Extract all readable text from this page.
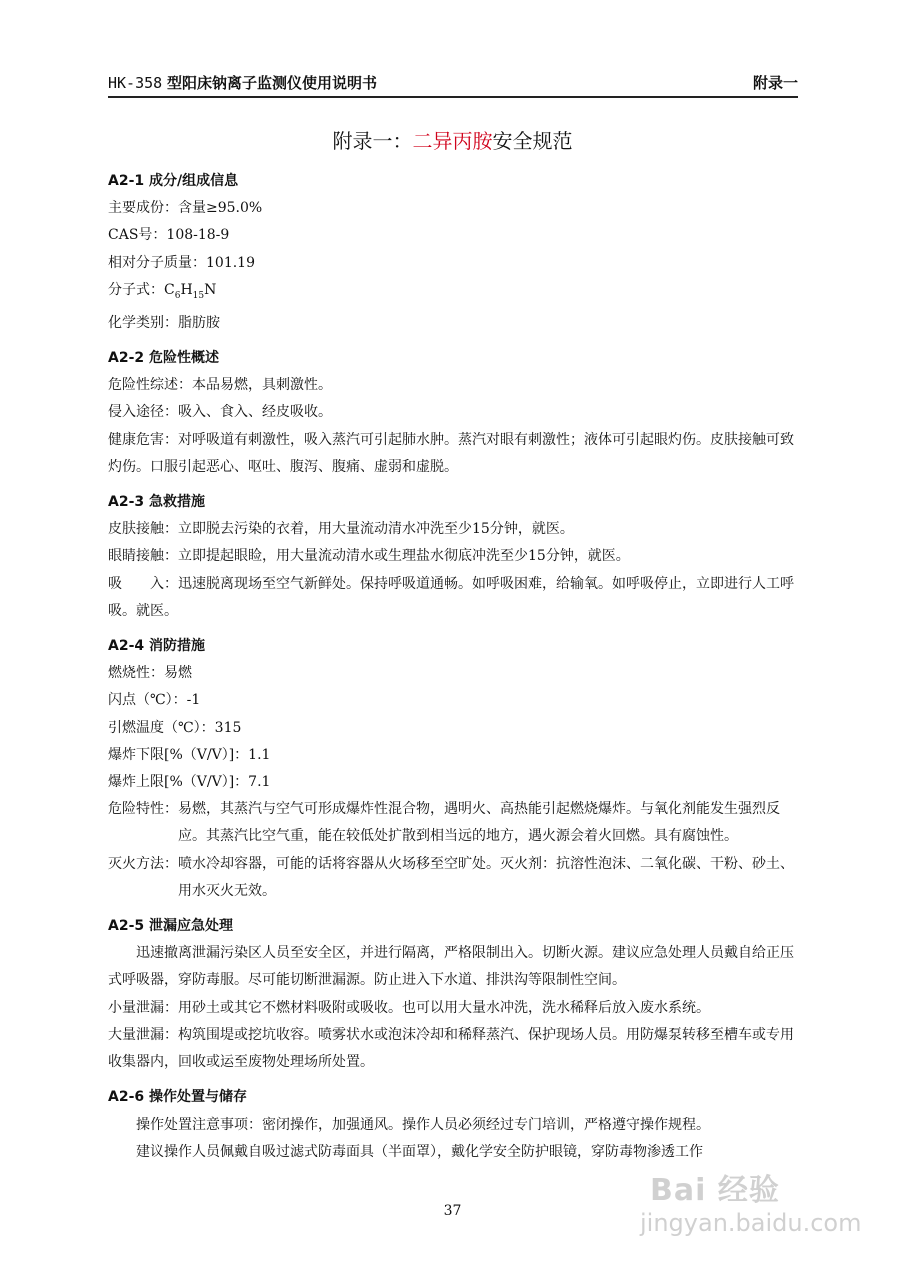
HK-358 型阳床钠离子监测仪使用说明书	附录一
附录一：二异丙胺安全规范

A2-1 成分/组成信息

主要成份：含量≥95.0%

CAS号：108-18-9

相对分子质量：101.19

分子式：$C_6H_{15}N$

化学类别：脂肪胺

A2-2 危险性概述

危险性综述：本品易燃，具刺激性。

侵入途径：吸入、食入、经皮吸收。

健康危害：对呼吸道有刺激性，吸入蒸汽可引起肺水肿。蒸汽对眼有刺激性；液体可引起眼灼伤。皮肤接触可致灼伤。口服引起恶心、呕吐、腹泻、腹痛、虚弱和虚脱。

A2-3 急救措施

皮肤接触：立即脱去污染的衣着，用大量流动清水冲洗至少15分钟，就医。

眼睛接触：立即提起眼睑，用大量流动清水或生理盐水彻底冲洗至少15分钟，就医。

吸　　入：迅速脱离现场至空气新鲜处。保持呼吸道通畅。如呼吸困难，给输氧。如呼吸停止，立即进行人工呼吸。就医。

A2-4 消防措施

燃烧性：易燃

闪点（℃）：-1

引燃温度（℃）：315

爆炸下限[%（V/V）]：1.1

爆炸上限[%（V/V）]：7.1

危险特性： 易燃，其蒸汽与空气可形成爆炸性混合物，遇明火、高热能引起燃烧爆炸。与氧化剂能发生强烈反应。其蒸汽比空气重，能在较低处扩散到相当远的地方，遇火源会着火回燃。具有腐蚀性。
灭火方法： 喷水冷却容器，可能的话将容器从火场移至空旷处。灭火剂：抗溶性泡沫、二氧化碳、干粉、砂土、用水灭火无效。

A2-5 泄漏应急处理

迅速撤离泄漏污染区人员至安全区，并进行隔离，严格限制出入。切断火源。建议应急处理人员戴自给正压式呼吸器，穿防毒服。尽可能切断泄漏源。防止进入下水道、排洪沟等限制性空间。

小量泄漏：用砂土或其它不燃材料吸附或吸收。也可以用大量水冲洗，洗水稀释后放入废水系统。

大量泄漏：构筑围堤或挖坑收容。喷雾状水或泡沫冷却和稀释蒸汽、保护现场人员。用防爆泵转移至槽车或专用收集器内，回收或运至废物处理场所处置。

A2-6 操作处置与储存

操作处置注意事项：密闭操作，加强通风。操作人员必须经过专门培训，严格遵守操作规程。

建议操作人员佩戴自吸过滤式防毒面具（半面罩），戴化学安全防护眼镜，穿防毒物渗透工作

37
Bai 经验
jingyan.baidu.com
